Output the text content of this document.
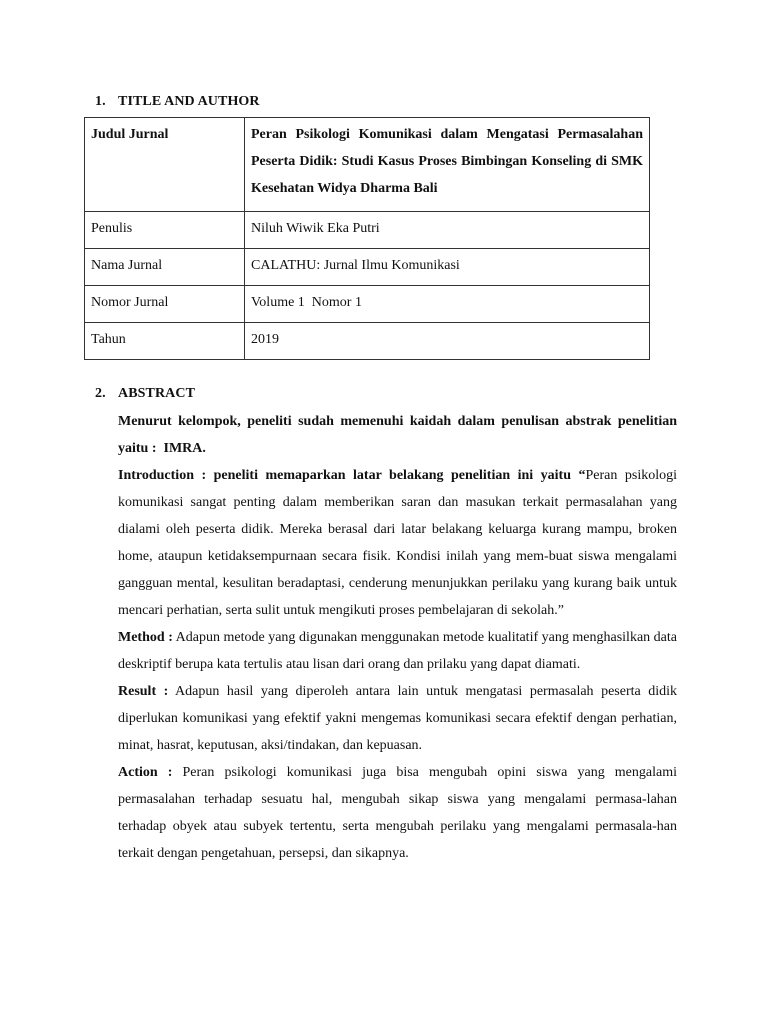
1. TITLE AND AUTHOR
Judul Jurnal	Peran Psikologi Komunikasi dalam Mengatasi Permasalahan Peserta Didik: Studi Kasus Proses Bimbingan Konseling di SMK Kesehatan Widya Dharma Bali
Penulis	Niluh Wiwik Eka Putri
Nama Jurnal	CALATHU: Jurnal Ilmu Komunikasi
Nomor Jurnal	Volume 1  Nomor 1
Tahun	2019
2. ABSTRACT

Menurut kelompok, peneliti sudah memenuhi kaidah dalam penulisan abstrak penelitian yaitu :  IMRA.

Introduction : peneliti memaparkan latar belakang penelitian ini yaitu “Peran psikologi komunikasi sangat penting dalam memberikan saran dan masukan terkait permasalahan yang dialami oleh peserta didik. Mereka berasal dari latar belakang keluarga kurang mampu, broken home, ataupun ketidaksempurnaan secara fisik. Kondisi inilah yang mem-buat siswa mengalami gangguan mental, kesulitan beradaptasi, cenderung menunjukkan perilaku yang kurang baik untuk mencari perhatian, serta sulit untuk mengikuti proses pembelajaran di sekolah.”

Method : Adapun metode yang digunakan menggunakan metode kualitatif yang menghasilkan data deskriptif berupa kata tertulis atau lisan dari orang dan prilaku yang dapat diamati.

Result : Adapun hasil yang diperoleh antara lain untuk mengatasi permasalah peserta didik diperlukan komunikasi yang efektif yakni mengemas komunikasi secara efektif dengan perhatian, minat, hasrat, keputusan, aksi/tindakan, dan kepuasan.

Action : Peran psikologi komunikasi juga bisa mengubah opini siswa yang mengalami permasalahan terhadap sesuatu hal, mengubah sikap siswa yang mengalami permasa-lahan terhadap obyek atau subyek tertentu, serta mengubah perilaku yang mengalami permasala-han terkait dengan pengetahuan, persepsi, dan sikapnya.
